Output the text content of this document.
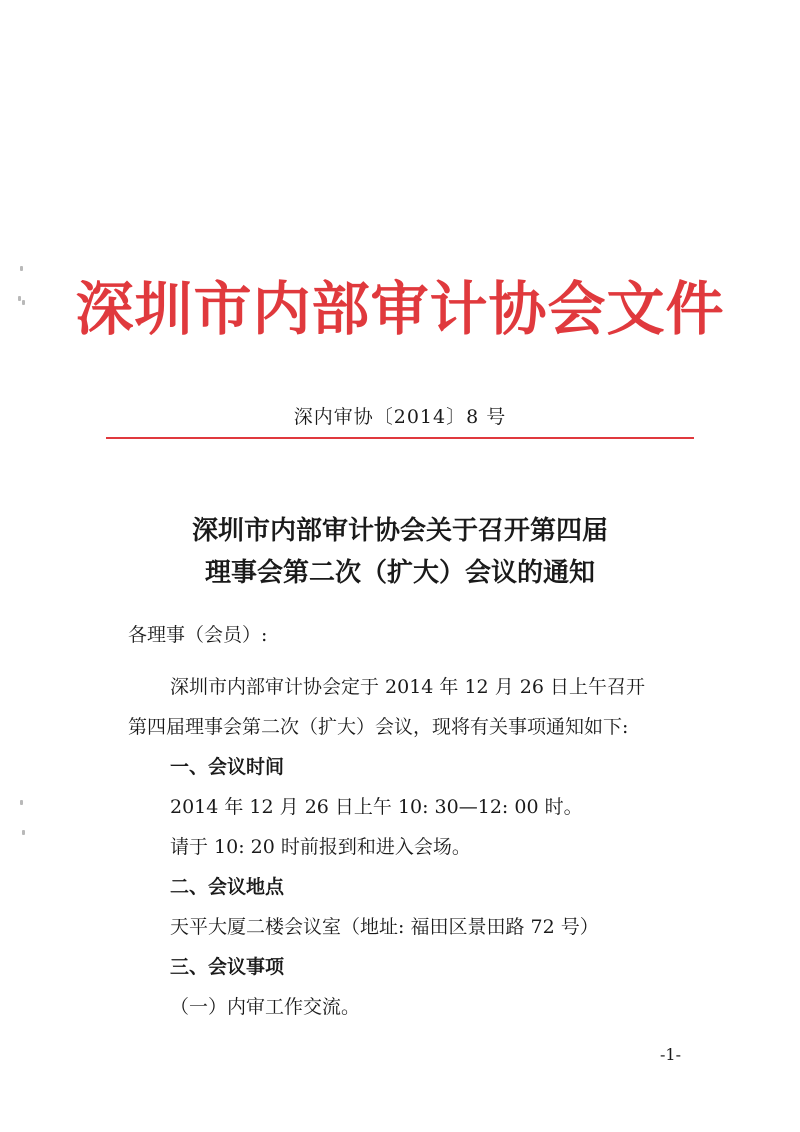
深圳市内部审计协会文件
深内审协〔2014〕8 号
深圳市内部审计协会关于召开第四届
理事会第二次（扩大）会议的通知
各理事（会员）:
深圳市内部审计协会定于 2014 年 12 月 26 日上午召开
第四届理事会第二次（扩大）会议，现将有关事项通知如下:
一、会议时间
2014 年 12 月 26 日上午 10: 30—12: 00 时。
请于 10: 20 时前报到和进入会场。
二、会议地点
天平大厦二楼会议室（地址: 福田区景田路 72 号）
三、会议事项
（一）内审工作交流。
-1-
